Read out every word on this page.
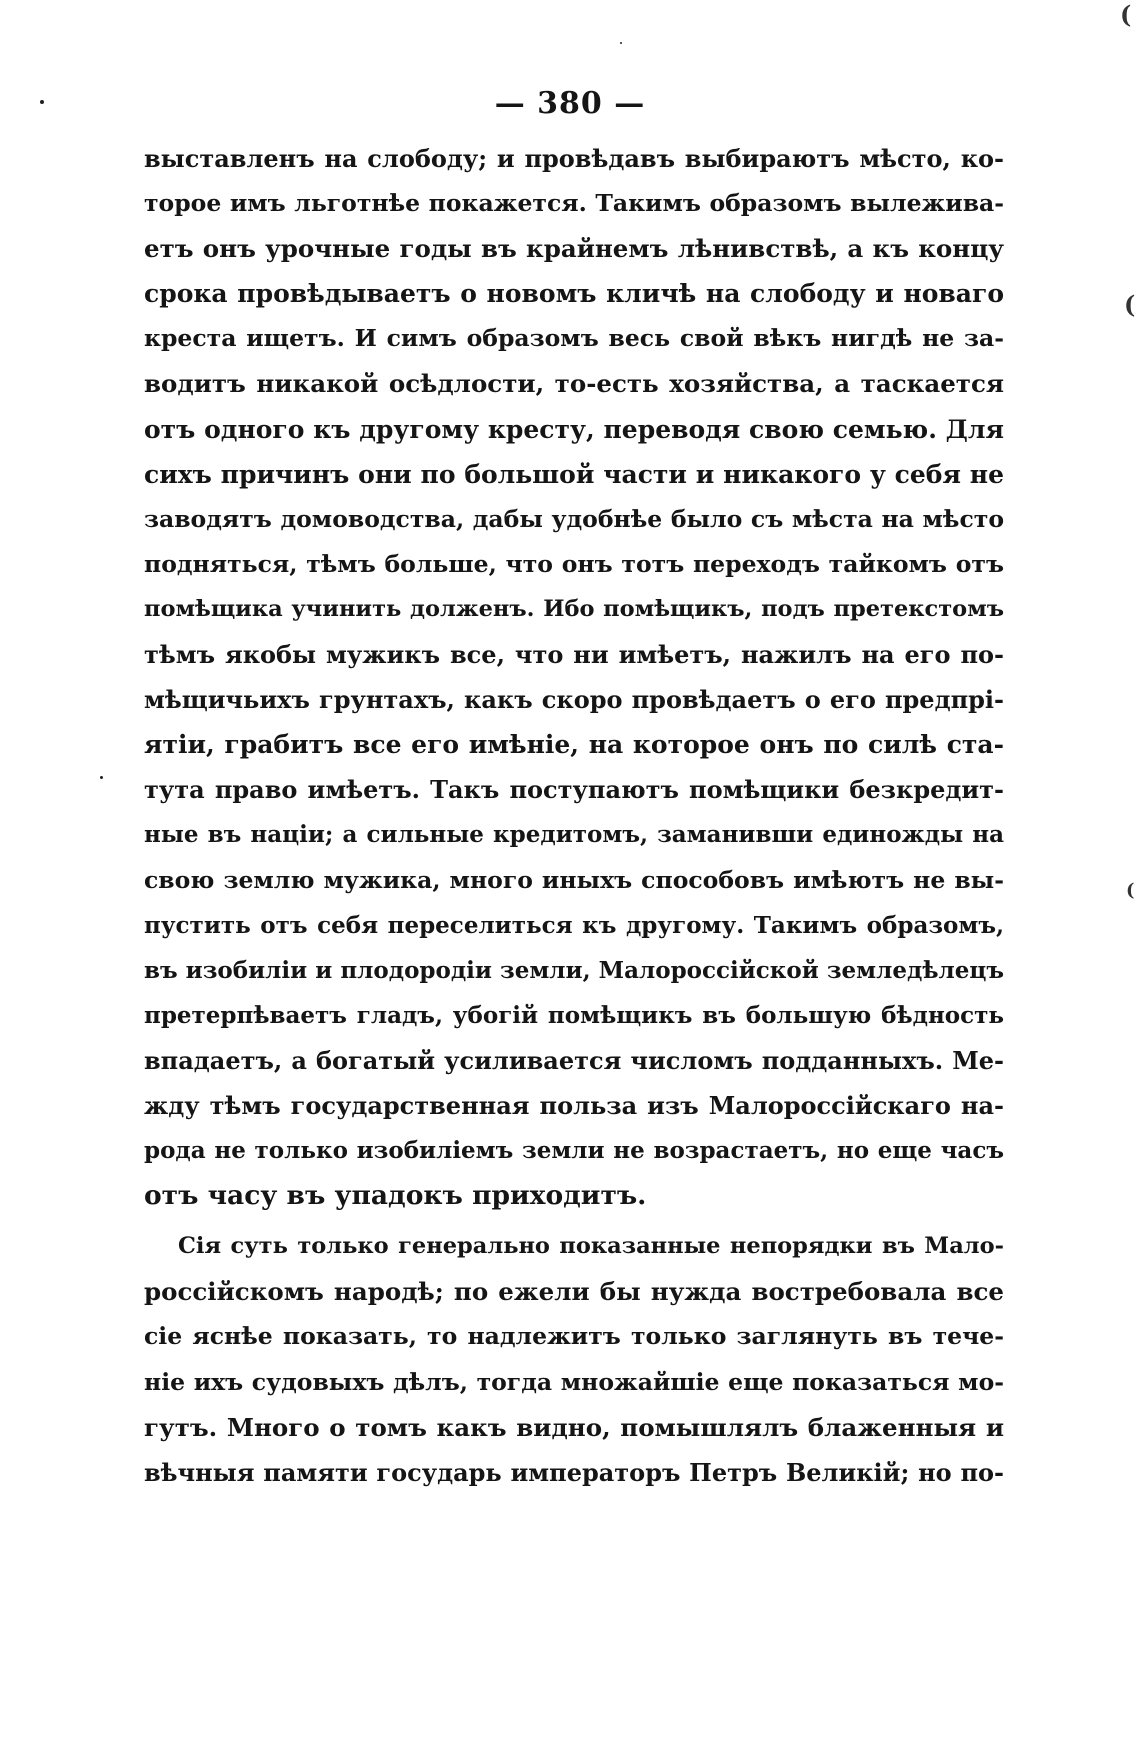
— 380 —
выставленъ на слободу; и провѣдавъ выбираютъ мѣсто, ко-
торое имъ льготнѣе покажется. Такимъ образомъ вылежива-
етъ онъ урочные годы въ крайнемъ лѣнивствѣ, а къ концу
срока провѣдываетъ о новомъ кличѣ на слободу и новаго
креста ищетъ. И симъ образомъ весь свой вѣкъ нигдѣ не за-
водитъ никакой осѣдлости, то-есть хозяйства, а таскается
отъ одного къ другому кресту, переводя свою семью. Для
сихъ причинъ они по большой части и никакого у себя не
заводятъ домоводства, дабы удобнѣе было съ мѣста на мѣсто
подняться, тѣмъ больше, что онъ тотъ переходъ тайкомъ отъ
помѣщика учинить долженъ. Ибо помѣщикъ, подъ претекстомъ
тѣмъ якобы мужикъ все, что ни имѣетъ, нажилъ на его по-
мѣщичьихъ грунтахъ, какъ скоро провѣдаетъ о его предпрі-
ятіи, грабитъ все его имѣніе, на которое онъ по силѣ ста-
тута право имѣетъ. Такъ поступаютъ помѣщики безкредит-
ные въ націи; а сильные кредитомъ, заманивши единожды на
свою землю мужика, много иныхъ способовъ имѣютъ не вы-
пустить отъ себя переселиться къ другому. Такимъ образомъ,
въ изобиліи и плодородіи земли, Малороссійской земледѣлецъ
претерпѣваетъ гладъ, убогій помѣщикъ въ большую бѣдность
впадаетъ, а богатый усиливается числомъ подданныхъ. Ме-
жду тѣмъ государственная польза изъ Малороссійскаго на-
рода не только изобиліемъ земли не возрастаетъ, но еще часъ
отъ часу въ упадокъ приходитъ.
Сія суть только генерально показанные непорядки въ Мало-
россійскомъ народѣ; по ежели бы нужда востребовала все
сіе яснѣе показать, то надлежитъ только заглянуть въ тече-
ніе ихъ судовыхъ дѣлъ, тогда множайшіе еще показаться мо-
гутъ. Много о томъ какъ видно, помышлялъ блаженныя и
вѣчныя памяти государь императоръ Петръ Великій; но по-
(
(
(
